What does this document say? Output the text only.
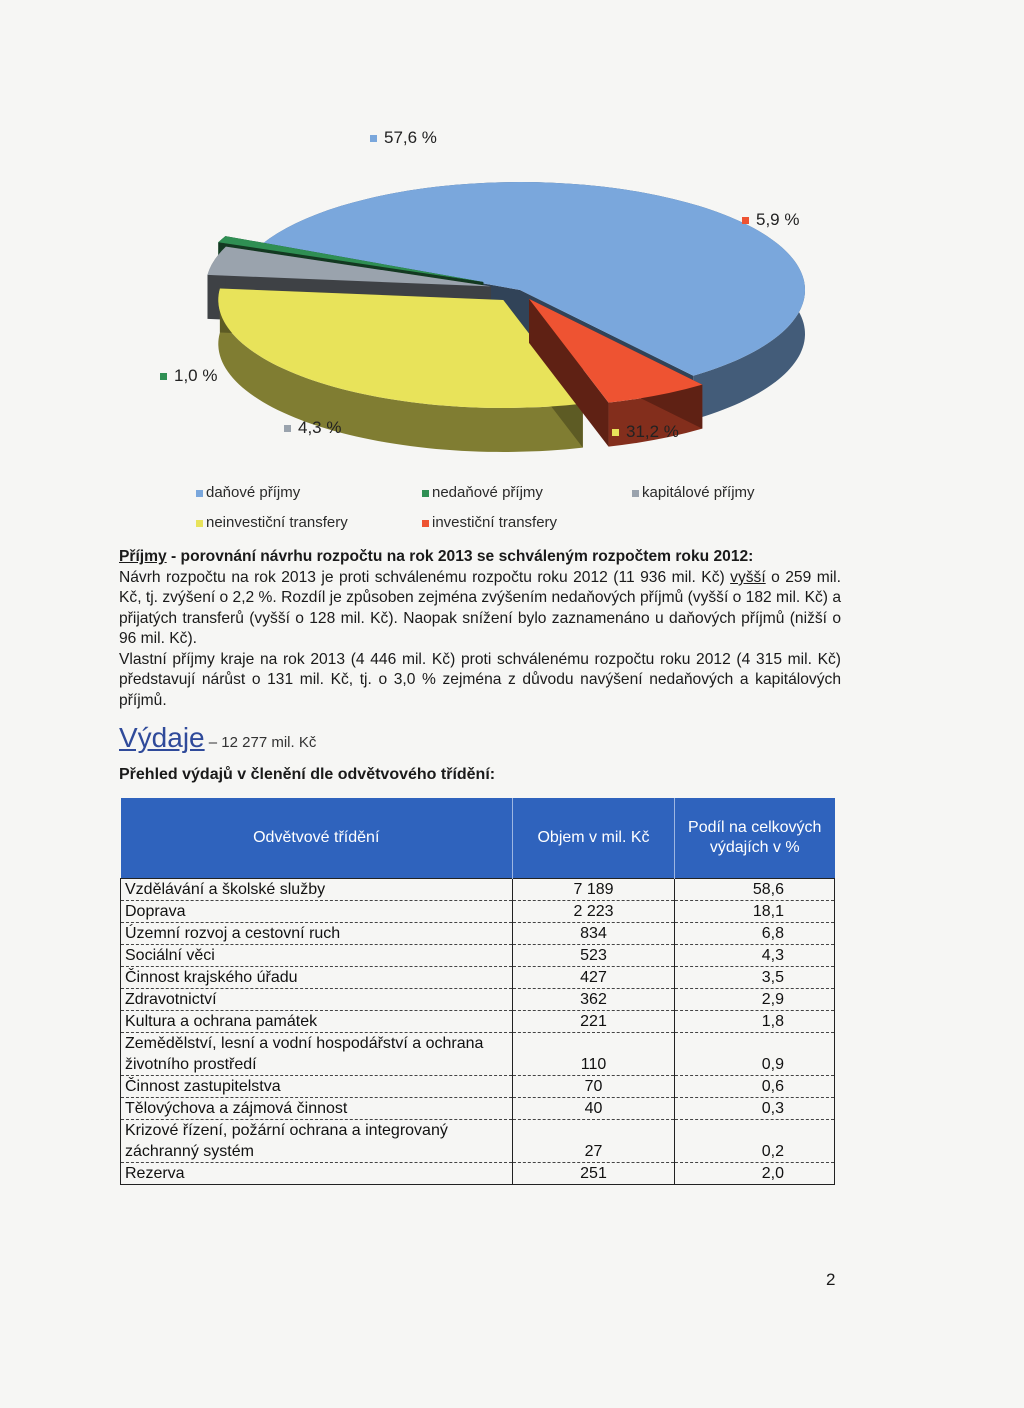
57,6 %
1,0 %
4,3 %	31,2 %
5,9 %
daňové příjmy	nedaňové příjmy	kapitálové příjmy
neinvestiční transfery	investiční transfery
Příjmy - porovnání návrhu rozpočtu na rok 2013 se schváleným rozpočtem roku 2012:
Návrh rozpočtu na rok 2013 je proti schválenému rozpočtu roku 2012 (11 936 mil. Kč) vyšší o 259 mil. Kč, tj. zvýšení o 2,2 %. Rozdíl je způsoben zejména zvýšením nedaňových příjmů (vyšší o 182 mil. Kč) a přijatých transferů (vyšší o 128 mil. Kč). Naopak snížení bylo zaznamenáno u daňových příjmů (nižší o 96 mil. Kč).
Vlastní příjmy kraje na rok 2013 (4 446 mil. Kč) proti schválenému rozpočtu roku 2012 (4 315 mil. Kč) představují nárůst o 131 mil. Kč, tj. o 3,0 % zejména z důvodu navýšení nedaňových a kapitálových příjmů.
Výdaje – 12 277 mil. Kč
Přehled výdajů v členění dle odvětvového třídění:
Odvětvové třídění	Objem v mil. Kč	Podíl na celkových výdajích v %
Vzdělávání a školské služby	7 189	58,6
Doprava	2 223	18,1
Územní rozvoj a cestovní ruch	834	6,8
Sociální věci	523	4,3
Činnost krajského úřadu	427	3,5
Zdravotnictví	362	2,9
Kultura a ochrana památek	221	1,8
Zemědělství, lesní a vodní hospodářství a ochrana životního prostředí	110	0,9
Činnost zastupitelstva	70	0,6
Tělovýchova a zájmová činnost	40	0,3
Krizové řízení, požární ochrana a integrovaný záchranný systém	27	0,2
Rezerva	251	2,0
2
